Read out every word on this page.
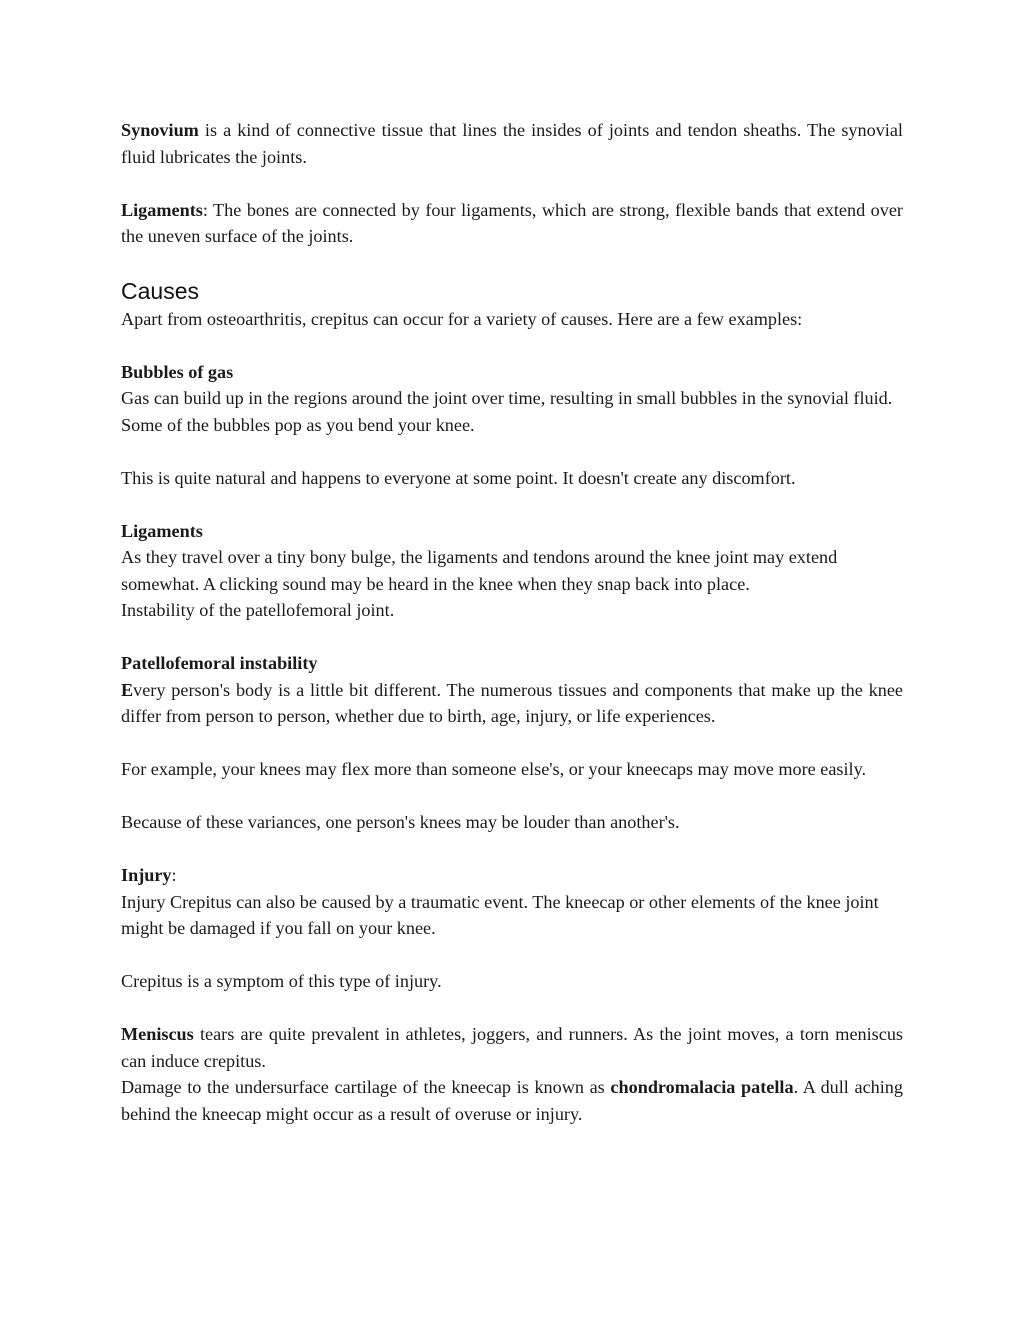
Synovium is a kind of connective tissue that lines the insides of joints and tendon sheaths. The synovial fluid lubricates the joints.

Ligaments: The bones are connected by four ligaments, which are strong, flexible bands that extend over the uneven surface of the joints.

Causes

Apart from osteoarthritis, crepitus can occur for a variety of causes. Here are a few examples:

Bubbles of gas

Gas can build up in the regions around the joint over time, resulting in small bubbles in the synovial fluid. Some of the bubbles pop as you bend your knee.

This is quite natural and happens to everyone at some point. It doesn't create any discomfort.

Ligaments

As they travel over a tiny bony bulge, the ligaments and tendons around the knee joint may extend somewhat. A clicking sound may be heard in the knee when they snap back into place.

Instability of the patellofemoral joint.

Patellofemoral instability

Every person's body is a little bit different. The numerous tissues and components that make up the knee differ from person to person, whether due to birth, age, injury, or life experiences.

For example, your knees may flex more than someone else's, or your kneecaps may move more easily.

Because of these variances, one person's knees may be louder than another's.

Injury:

Injury Crepitus can also be caused by a traumatic event. The kneecap or other elements of the knee joint might be damaged if you fall on your knee.

Crepitus is a symptom of this type of injury.

Meniscus tears are quite prevalent in athletes, joggers, and runners. As the joint moves, a torn meniscus can induce crepitus.

Damage to the undersurface cartilage of the kneecap is known as chondromalacia patella. A dull aching behind the kneecap might occur as a result of overuse or injury.
